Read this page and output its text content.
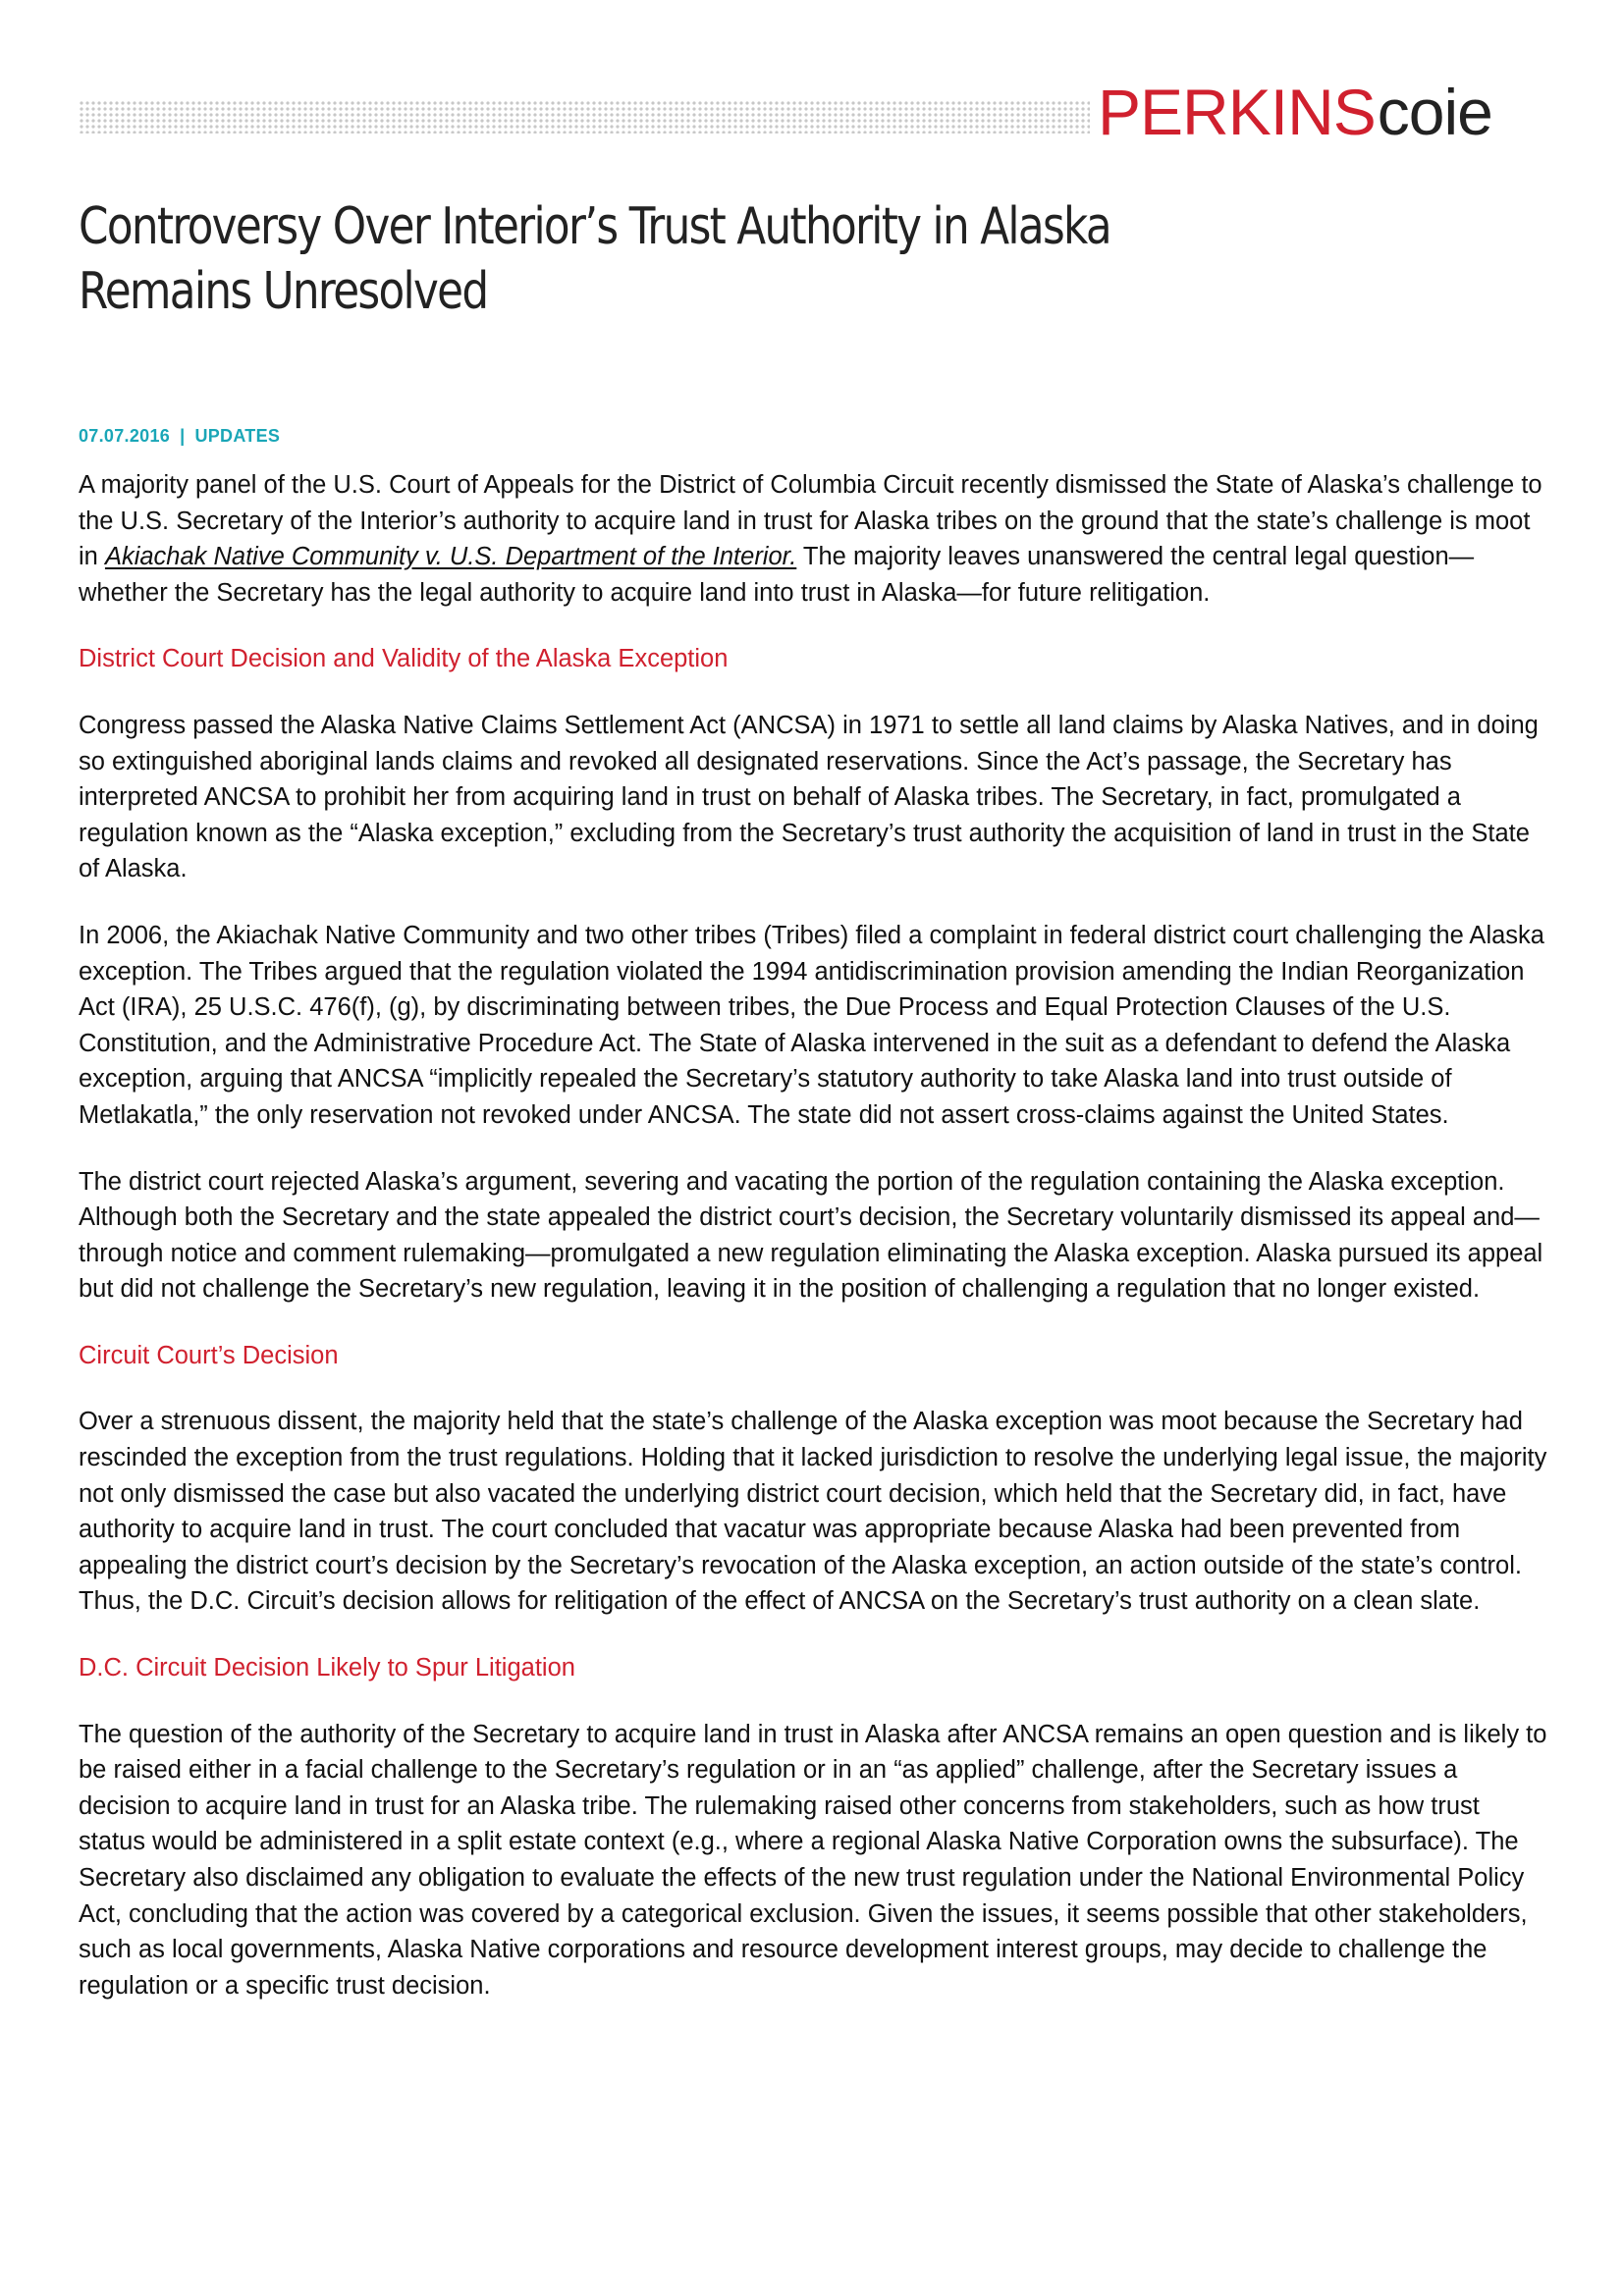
PERKINScoie
Controversy Over Interior’s Trust Authority in Alaska Remains Unresolved
07.07.2016 | UPDATES

A majority panel of the U.S. Court of Appeals for the District of Columbia Circuit recently dismissed the State of Alaska’s challenge to the U.S. Secretary of the Interior’s authority to acquire land in trust for Alaska tribes on the ground that the state’s challenge is moot in Akiachak Native Community v. U.S. Department of the Interior. The majority leaves unanswered the central legal question—whether the Secretary has the legal authority to acquire land into trust in Alaska—for future relitigation.

District Court Decision and Validity of the Alaska Exception

Congress passed the Alaska Native Claims Settlement Act (ANCSA) in 1971 to settle all land claims by Alaska Natives, and in doing so extinguished aboriginal lands claims and revoked all designated reservations. Since the Act’s passage, the Secretary has interpreted ANCSA to prohibit her from acquiring land in trust on behalf of Alaska tribes. The Secretary, in fact, promulgated a regulation known as the “Alaska exception,” excluding from the Secretary’s trust authority the acquisition of land in trust in the State of Alaska.

In 2006, the Akiachak Native Community and two other tribes (Tribes) filed a complaint in federal district court challenging the Alaska exception. The Tribes argued that the regulation violated the 1994 antidiscrimination provision amending the Indian Reorganization Act (IRA), 25 U.S.C. 476(f), (g), by discriminating between tribes, the Due Process and Equal Protection Clauses of the U.S. Constitution, and the Administrative Procedure Act. The State of Alaska intervened in the suit as a defendant to defend the Alaska exception, arguing that ANCSA “implicitly repealed the Secretary’s statutory authority to take Alaska land into trust outside of Metlakatla,” the only reservation not revoked under ANCSA. The state did not assert cross-claims against the United States.

The district court rejected Alaska’s argument, severing and vacating the portion of the regulation containing the Alaska exception. Although both the Secretary and the state appealed the district court’s decision, the Secretary voluntarily dismissed its appeal and—through notice and comment rulemaking—promulgated a new regulation eliminating the Alaska exception. Alaska pursued its appeal but did not challenge the Secretary’s new regulation, leaving it in the position of challenging a regulation that no longer existed.

Circuit Court’s Decision

Over a strenuous dissent, the majority held that the state’s challenge of the Alaska exception was moot because the Secretary had rescinded the exception from the trust regulations. Holding that it lacked jurisdiction to resolve the underlying legal issue, the majority not only dismissed the case but also vacated the underlying district court decision, which held that the Secretary did, in fact, have authority to acquire land in trust. The court concluded that vacatur was appropriate because Alaska had been prevented from appealing the district court’s decision by the Secretary’s revocation of the Alaska exception, an action outside of the state’s control. Thus, the D.C. Circuit’s decision allows for relitigation of the effect of ANCSA on the Secretary’s trust authority on a clean slate.

D.C. Circuit Decision Likely to Spur Litigation

The question of the authority of the Secretary to acquire land in trust in Alaska after ANCSA remains an open question and is likely to be raised either in a facial challenge to the Secretary’s regulation or in an “as applied” challenge, after the Secretary issues a decision to acquire land in trust for an Alaska tribe. The rulemaking raised other concerns from stakeholders, such as how trust status would be administered in a split estate context (e.g., where a regional Alaska Native Corporation owns the subsurface). The Secretary also disclaimed any obligation to evaluate the effects of the new trust regulation under the National Environmental Policy Act, concluding that the action was covered by a categorical exclusion. Given the issues, it seems possible that other stakeholders, such as local governments, Alaska Native corporations and resource development interest groups, may decide to challenge the regulation or a specific trust decision.
